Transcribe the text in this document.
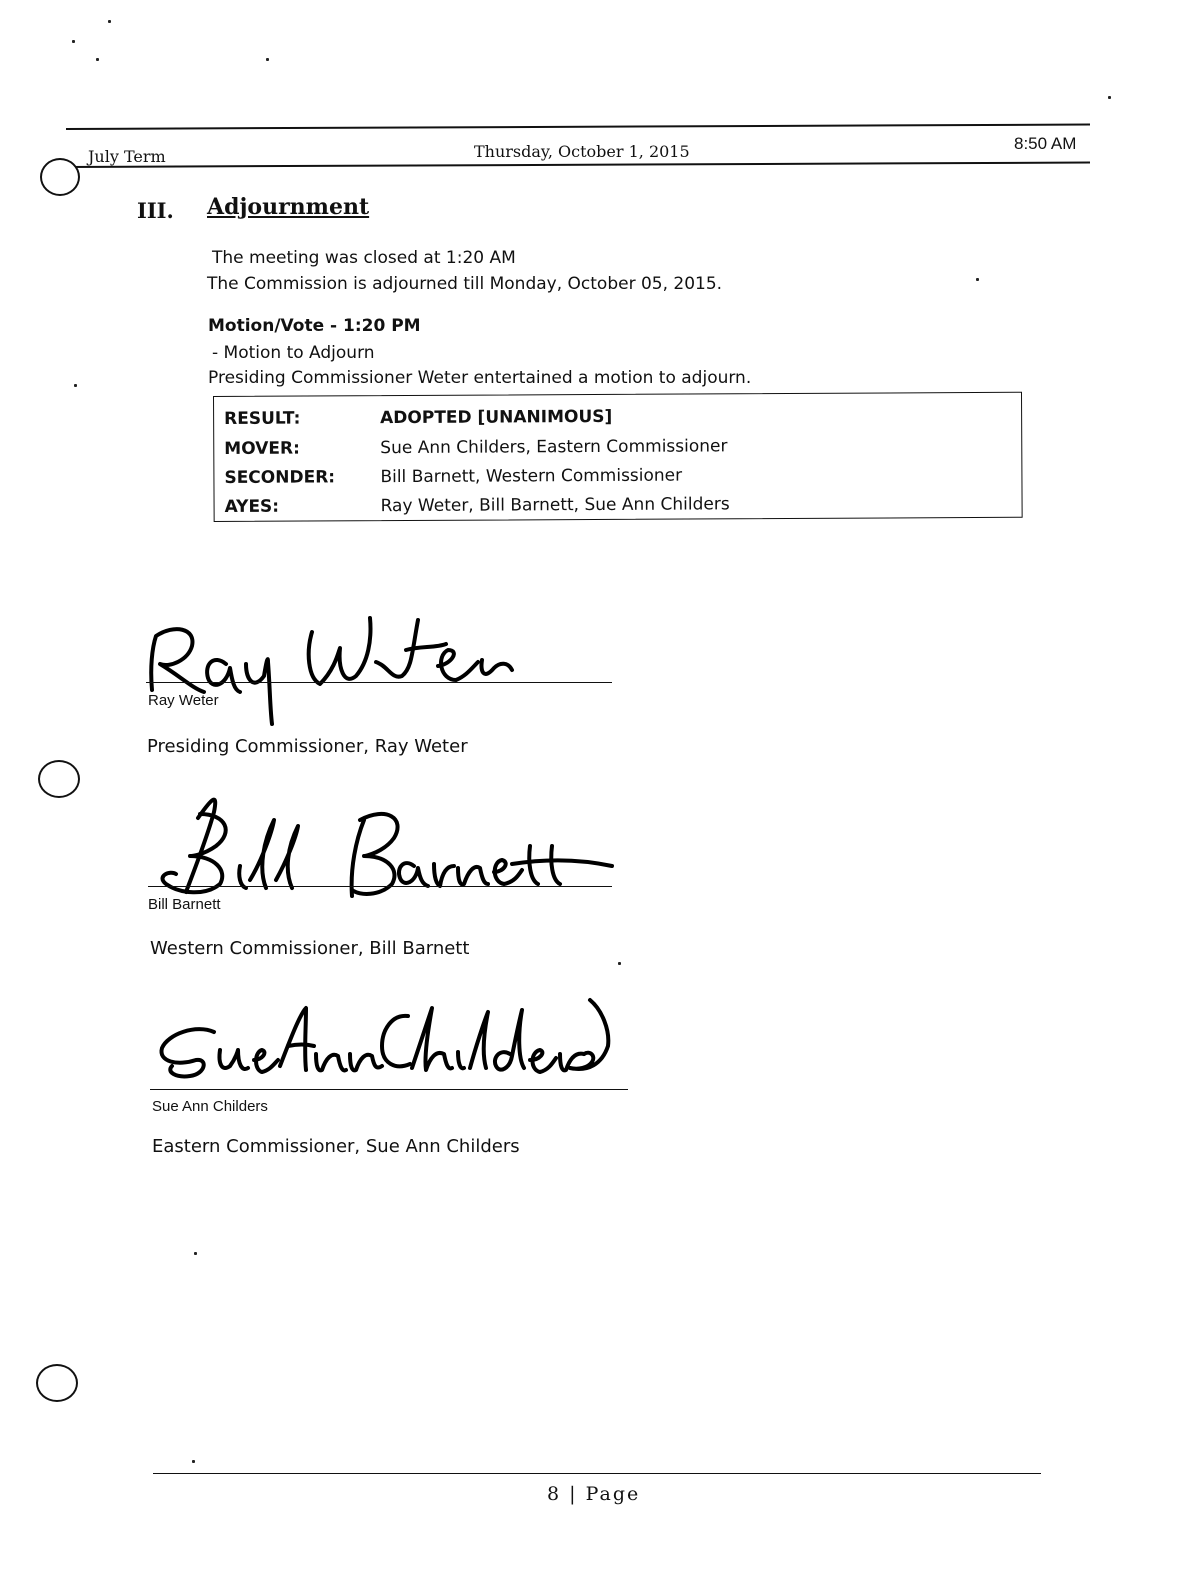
July Term	Thursday, October 1, 2015	8:50 AM
III. Adjournment
The meeting was closed at 1:20 AM
The Commission is adjourned till Monday, October 05, 2015.
Motion/Vote - 1:20 PM
- Motion to Adjourn
Presiding Commissioner Weter entertained a motion to adjourn.
RESULT:	ADOPTED [UNANIMOUS]
MOVER:	Sue Ann Childers, Eastern Commissioner
SECONDER:	Bill Barnett, Western Commissioner
AYES:	Ray Weter, Bill Barnett, Sue Ann Childers
Ray Weter
Presiding Commissioner, Ray Weter
Bill Barnett
Western Commissioner, Bill Barnett
Sue Ann Childers
Eastern Commissioner, Sue Ann Childers
8 | Page
